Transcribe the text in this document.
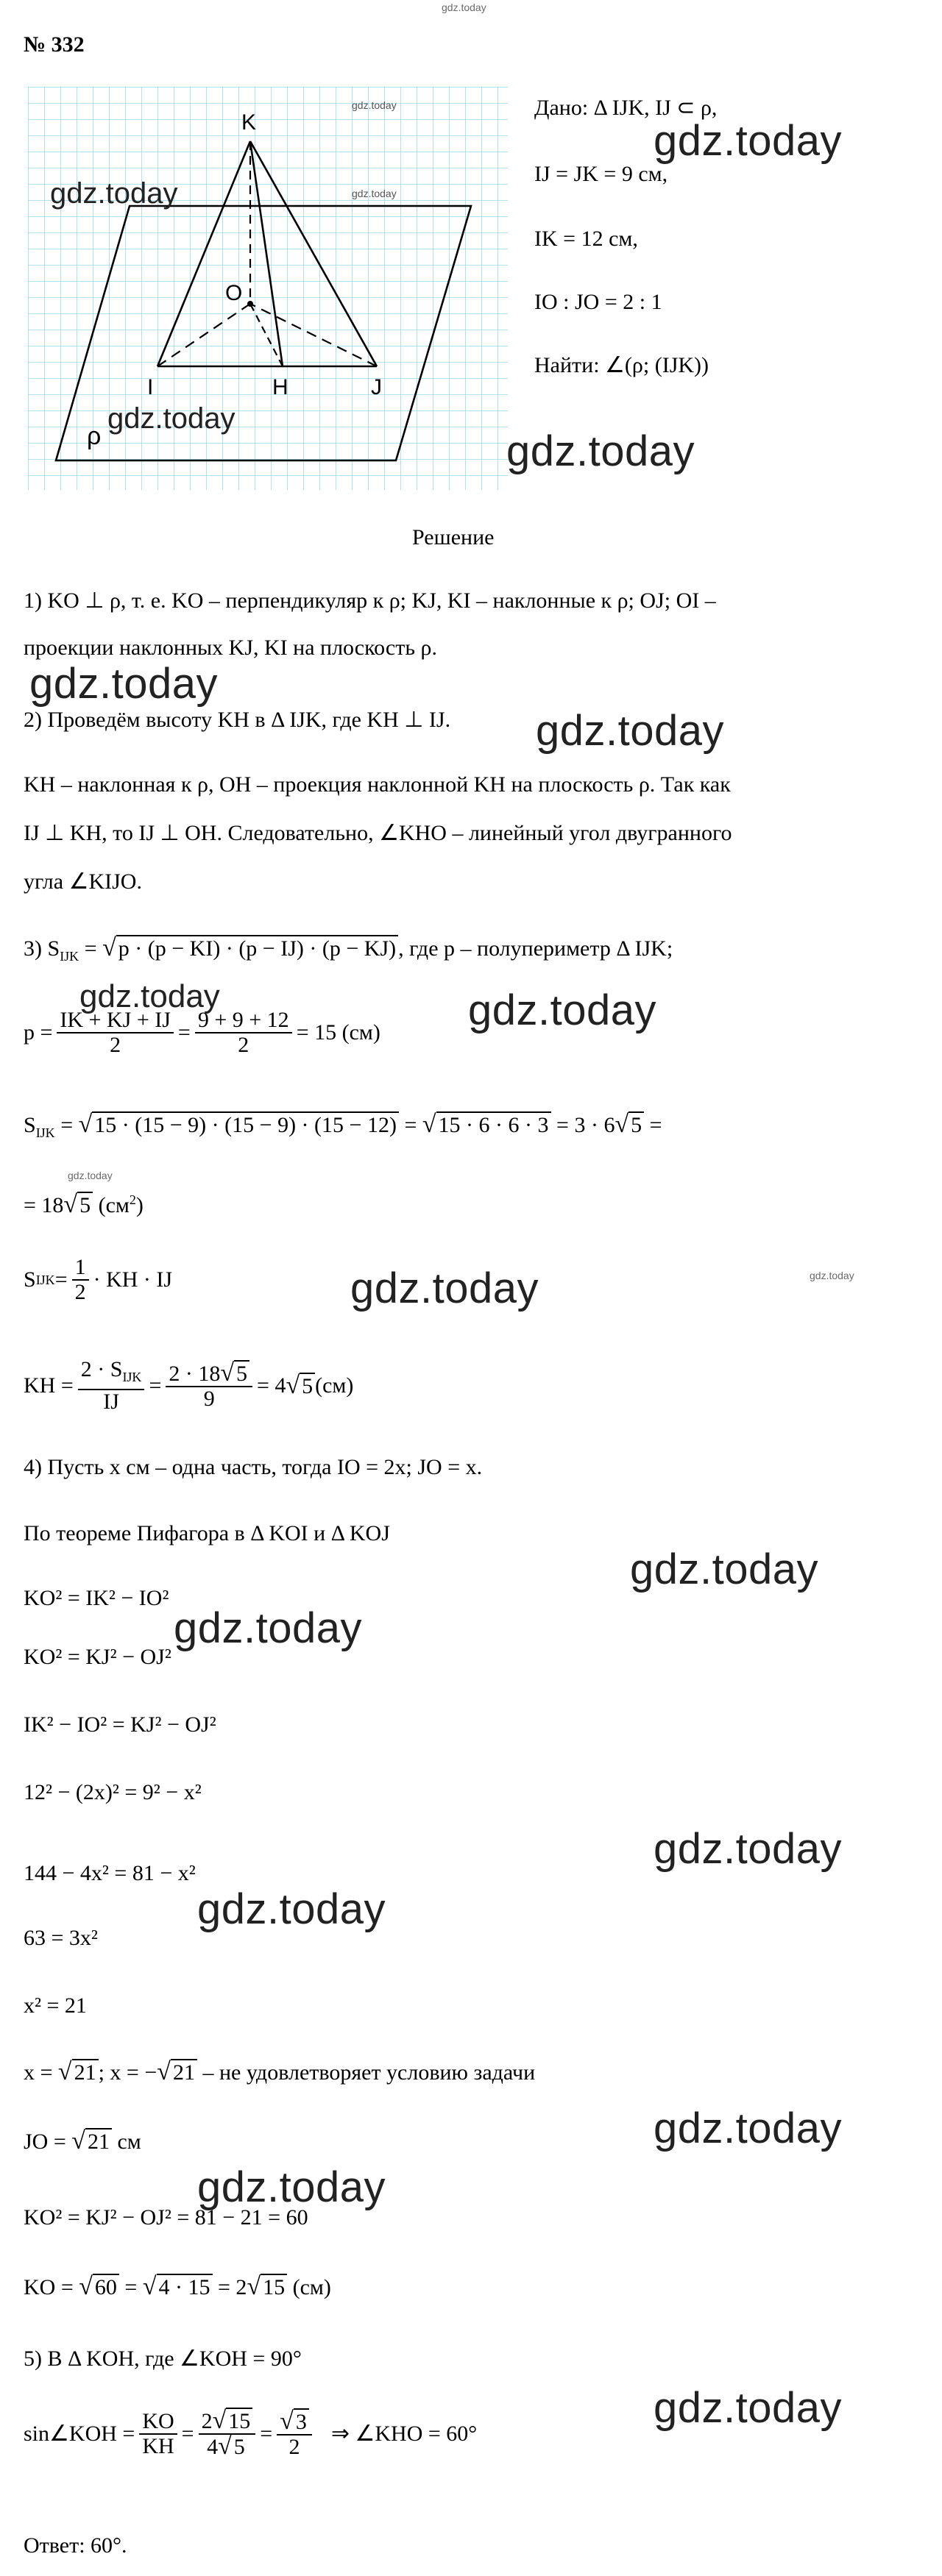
gdz.today
№ 332
K
O
I	H	J
ρ
gdz.today
gdz.today
gdz.today
gdz.today
Дано: Δ IJK, IJ ⊂ ρ,
IJ = JK = 9 см,
IK = 12 см,
IO : JO = 2 : 1
Найти: ∠(ρ; (IJK))
Решение
1) KO ⊥ ρ, т. е. KO – перпендикуляр к ρ; KJ, KI – наклонные к ρ; OJ; OI –
проекции наклонных KJ, KI на плоскость ρ.
2) Проведём высоту KH в Δ IJK, где KH ⊥ IJ.
KH – наклонная к ρ, OH – проекция наклонной KH на плоскость ρ. Так как
IJ ⊥ KH, то IJ ⊥ OH. Следовательно, ∠KHO – линейный угол двугранного
угла ∠KIJO.
3) $S_{IJK}$ = √ p · (p − KI) · (p − IJ) · (p − KJ) , где p – полупериметр Δ IJK;
$p = \frac{IK + KJ + IJ}{2} = \frac{9 + 9 + 12}{2} = 15$ (см)
$S_{IJK}$ = √ 15 · (15 − 9) · (15 − 9) · (15 − 12) = √ 15 · 6 · 6 · 3 = 3 · 6√ 5 =
= 18√ 5 $(см^2)$
S IJK = $\frac{1}{2}$ · KH · IJ
KH = $\frac{2 \cdot S_{IJK}}{IJ} = \frac{2 \cdot 18√ 5}{9} = 4$ √ 5 (см)
4) Пусть x см – одна часть, тогда IO = 2x; JO = x.
По теореме Пифагора в Δ KOI и Δ KOJ
KO² = IK² − IO²
KO² = KJ² − OJ²
IK² − IO² = KJ² − OJ²
12² − (2x)² = 9² − x²
144 − 4x² = 81 − x²
63 = 3x²
x² = 21
x = √ 21 ; x = −√ 21 – не удовлетворяет условию задачи
JO = √ 21 см
KO² = KJ² − OJ² = 81 − 21 = 60
KO = √ 60 = √ 4 · 15 = 2√ 15 (см)
5) В Δ KOH, где ∠KOH = 90°
sin∠KOH = $\frac{KO}{KH} = \frac{2√ 15}{4√ 5} = \frac{√ 3}{2}$ ⇒ ∠KHO = 60°
Ответ: 60°.
gdz.today
gdz.today
gdz.today
gdz.today
gdz.today	gdz.today
gdz.today
gdz.today
gdz.today
gdz.today
gdz.today
gdz.today
gdz.today
gdz.today
gdz.today
gdz.today
